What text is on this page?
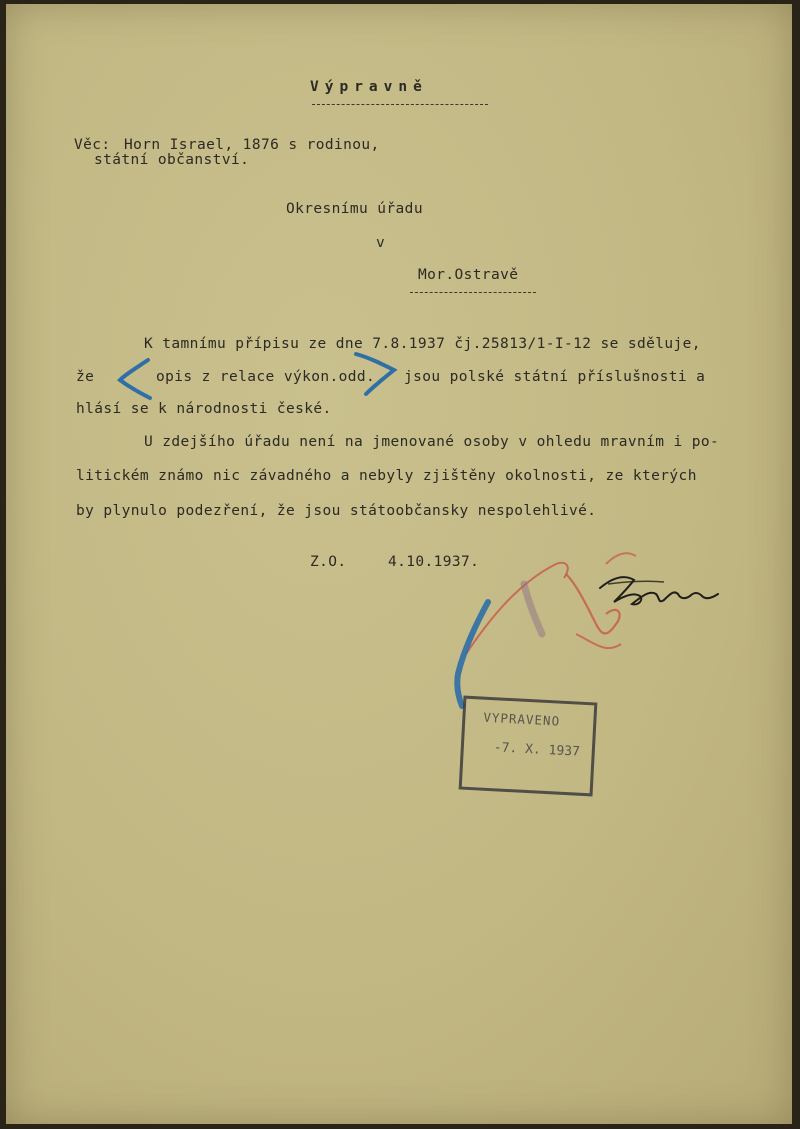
Výpravně
Věc: Horn Israel, 1876 s rodinou,
státní občanství.
Okresnímu úřadu
v
Mor.Ostravě
K tamnímu přípisu ze dne 7.8.1937 čj.25813/1-I-12 se sděluje,
že	opis z relace výkon.odd. jsou polské státní příslušnosti a
hlásí se k národnosti české.
U zdejšího úřadu není na jmenované osoby v ohledu mravním i po-
litickém známo nic závadného a nebyly zjištěny okolnosti, ze kterých
by plynulo podezření, že jsou státoobčansky nespolehlivé.
Z.O.	4.10.1937.
VYPRAVENO
-7. X. 1937
